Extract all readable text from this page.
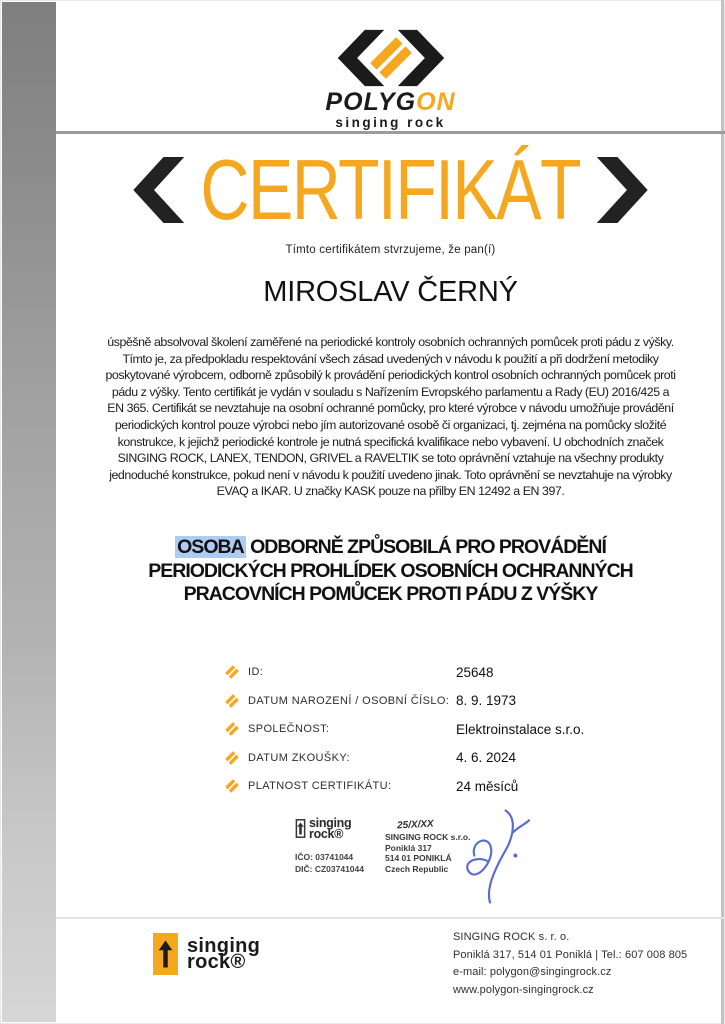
POLYGON
singing rock
CERTIFIKÁT
Tímto certifikátem stvrzujeme, že pan(í)
MIROSLAV ČERNÝ
úspěšně absolvoval školení zaměřené na periodické kontroly osobních ochranných pomůcek proti pádu z výšky.
Tímto je, za předpokladu respektování všech zásad uvedených v návodu k použití a při dodržení metodiky
poskytované výrobcem, odborně způsobilý k provádění periodických kontrol osobních ochranných pomůcek proti
pádu z výšky. Tento certifikát je vydán v souladu s Nařízením Evropského parlamentu a Rady (EU) 2016/425 a
EN 365. Certifikát se nevztahuje na osobní ochranné pomůcky, pro které výrobce v návodu umožňuje provádění
periodických kontrol pouze výrobci nebo jím autorizované osobě či organizaci, tj. zejména na pomůcky složité
konstrukce, k jejichž periodické kontrole je nutná specifická kvalifikace nebo vybavení. U obchodních značek
SINGING ROCK, LANEX, TENDON, GRIVEL a RAVELTIK se toto oprávnění vztahuje na všechny produkty
jednoduché konstrukce, pokud není v návodu k použití uvedeno jinak. Toto oprávnění se nevztahuje na výrobky
EVAQ a IKAR. U značky KASK pouze na přilby EN 12492 a EN 397.
OSOBA ODBORNĚ ZPŮSOBILÁ PRO PROVÁDĚNÍ
PERIODICKÝCH PROHLÍDEK OSOBNÍCH OCHRANNÝCH
PRACOVNÍCH POMŮCEK PROTI PÁDU Z VÝŠKY
ID:	25648
DATUM NAROZENÍ / OSOBNÍ ČÍSLO: 8. 9. 1973
SPOLEČNOST:	Elektroinstalace s.r.o.
DATUM ZKOUŠKY:	4. 6. 2024
PLATNOST CERTIFIKÁTU:	24 měsíců
singing
rock®
IČO: 03741044
DIČ: CZ03741044
25/X/XX
SINGING ROCK s.r.o.
Poniklá 317
514 01 PONIKLÁ
Czech Republic
singing
rock®
SINGING ROCK s. r. o.
Poniklá 317, 514 01 Poniklá | Tel.: 607 008 805
e-mail: polygon@singingrock.cz
www.polygon-singingrock.cz
